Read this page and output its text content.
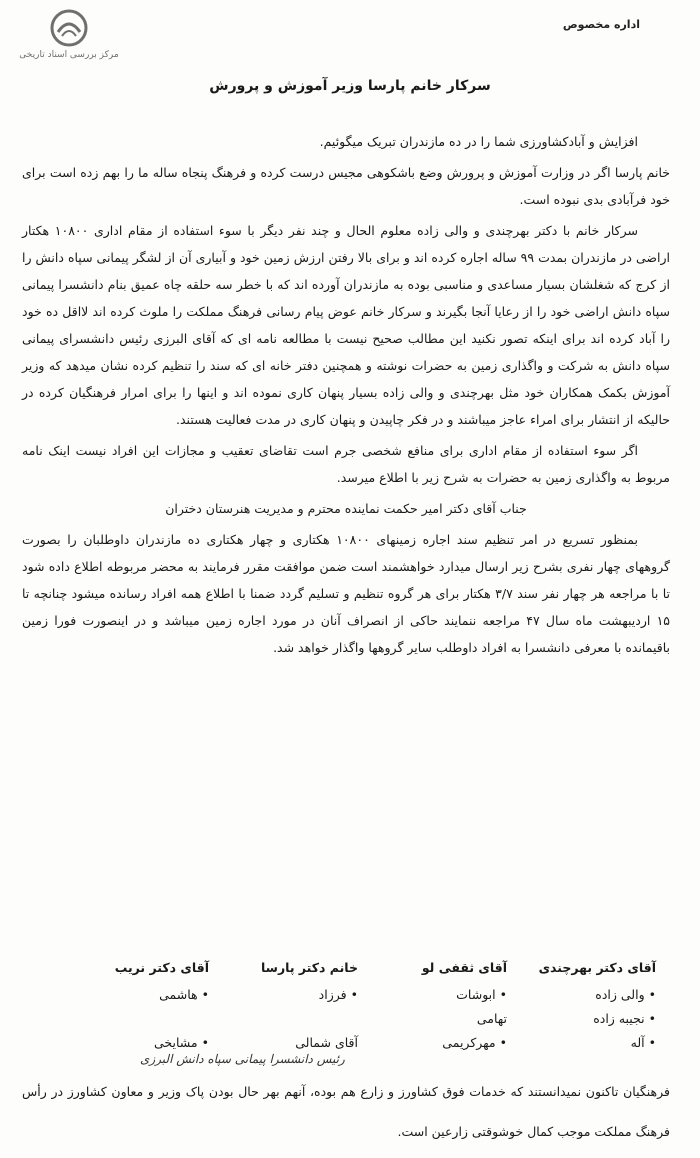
مرکز بررسی اسناد تاریخی
اداره مخصوص
سرکار خانم پارسا وزیر آموزش و پرورش

افزایش و آبادکشاورزی شما را در ده مازندران تبریک میگوئیم.

خانم پارسا اگر در وزارت آموزش و پرورش وضع باشکوهی مجیس درست کرده و فرهنگ پنجاه ساله ما را بهم زده است برای خود فرآبادی بدی نبوده است.

سرکار خانم با دکتر بهرچندی و والی زاده معلوم الحال و چند نفر دیگر با سوء استفاده از مقام اداری ۱۰۸۰۰ هکتار اراضی در مازندران بمدت ۹۹ ساله اجاره کرده اند و برای بالا رفتن ارزش زمین خود و آبیاری آن از لشگر پیمانی سپاه دانش را از کرج که شغلشان بسیار مساعدی و مناسبی بوده به مازندران آورده اند که با خطر سه حلقه چاه عمیق بنام دانشسرا پیمانی سپاه دانش اراضی خود را از رعایا آنجا بگیرند و سرکار خانم عوض پیام رسانی فرهنگ مملکت را ملوث کرده اند لااقل ده خود را آباد کرده اند برای اینکه تصور نکنید این مطالب صحیح نیست با مطالعه نامه ای که آقای البرزی رئیس دانشسرای پیمانی سپاه دانش به شرکت و واگذاری زمین به حضرات نوشته و همچنین دفتر خانه ای که سند را تنظیم کرده نشان میدهد که وزیر آموزش بکمک همکاران خود مثل بهرچندی و والی زاده بسیار پنهان کاری نموده اند و اینها را برای امرار فرهنگیان کرده در حالیکه از انتشار برای امراء عاجز میباشند و در فکر چاپیدن و پنهان کاری در مدت فعالیت هستند.

اگر سوء استفاده از مقام اداری برای منافع شخصی جرم است تقاضای تعقیب و مجازات این افراد نیست اینک نامه مربوط به واگذاری زمین به حضرات به شرح زیر با اطلاع میرسد.

جناب آقای دکتر امیر حکمت نماینده محترم و مدیریت هنرستان دختران

بمنظور تسریع در امر تنظیم سند اجاره زمینهای ۱۰۸۰۰ هکتاری و چهار هکتاری ده مازندران داوطلبان را بصورت گروههای چهار نفری بشرح زیر ارسال میدارد خواهشمند است ضمن موافقت مقرر فرمایند به محضر مربوطه اطلاع داده شود تا با مراجعه هر چهار نفر سند ۳/۷ هکتار برای هر گروه تنظیم و تسلیم گردد ضمنا با اطلاع همه افراد رسانده میشود چنانچه تا ۱۵ اردیبهشت ماه سال ۴۷ مراجعه ننمایند حاکی از انصراف آنان در مورد اجاره زمین میباشد و در اینصورت فورا زمین باقیمانده با معرفی دانشسرا به افراد داوطلب سایر گروهها واگذار خواهد شد.

آقای دکتر بهرچندی
آقای ثقفی لو
خانم دکتر پارسا
آقای دکتر نریب
•والی زاده
•ابوشات
•فرزاد
•هاشمی
•نجیبه زاده
تهامی
•آله
•مهرکریمی
آقای شمالی
•مشایخی
رئیس دانشسرا پیمانی سپاه دانش البرزی

فرهنگیان تاکنون نمیدانستند که خدمات فوق کشاورز و زارع هم بوده، آنهم بهر حال بودن پاک وزیر و معاون کشاورز در رأس فرهنگ مملکت موجب کمال خوشوقتی زارعین است.
